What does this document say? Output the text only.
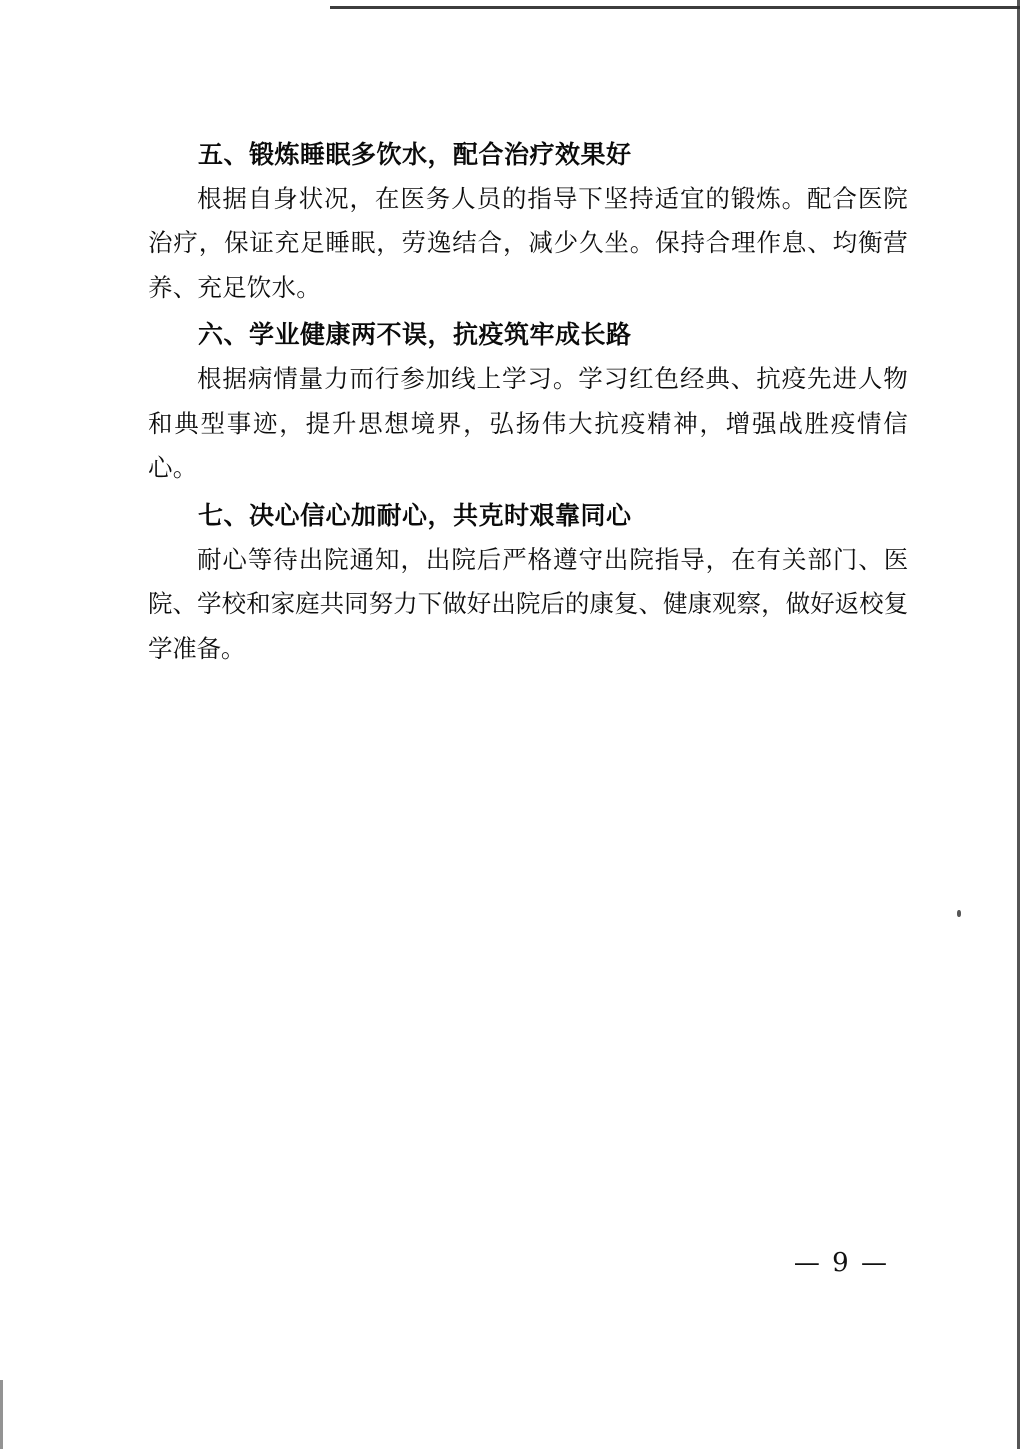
五、锻炼睡眠多饮水，配合治疗效果好
根据自身状况，在医务人员的指导下坚持适宜的锻炼。配合医院治疗，保证充足睡眠，劳逸结合，减少久坐。保持合理作息、均衡营养、充足饮水。
六、学业健康两不误，抗疫筑牢成长路
根据病情量力而行参加线上学习。学习红色经典、抗疫先进人物和典型事迹，提升思想境界，弘扬伟大抗疫精神，增强战胜疫情信心。
七、决心信心加耐心，共克时艰靠同心
耐心等待出院通知，出院后严格遵守出院指导，在有关部门、医院、学校和家庭共同努力下做好出院后的康复、健康观察，做好返校复学准备。
— 9 —
